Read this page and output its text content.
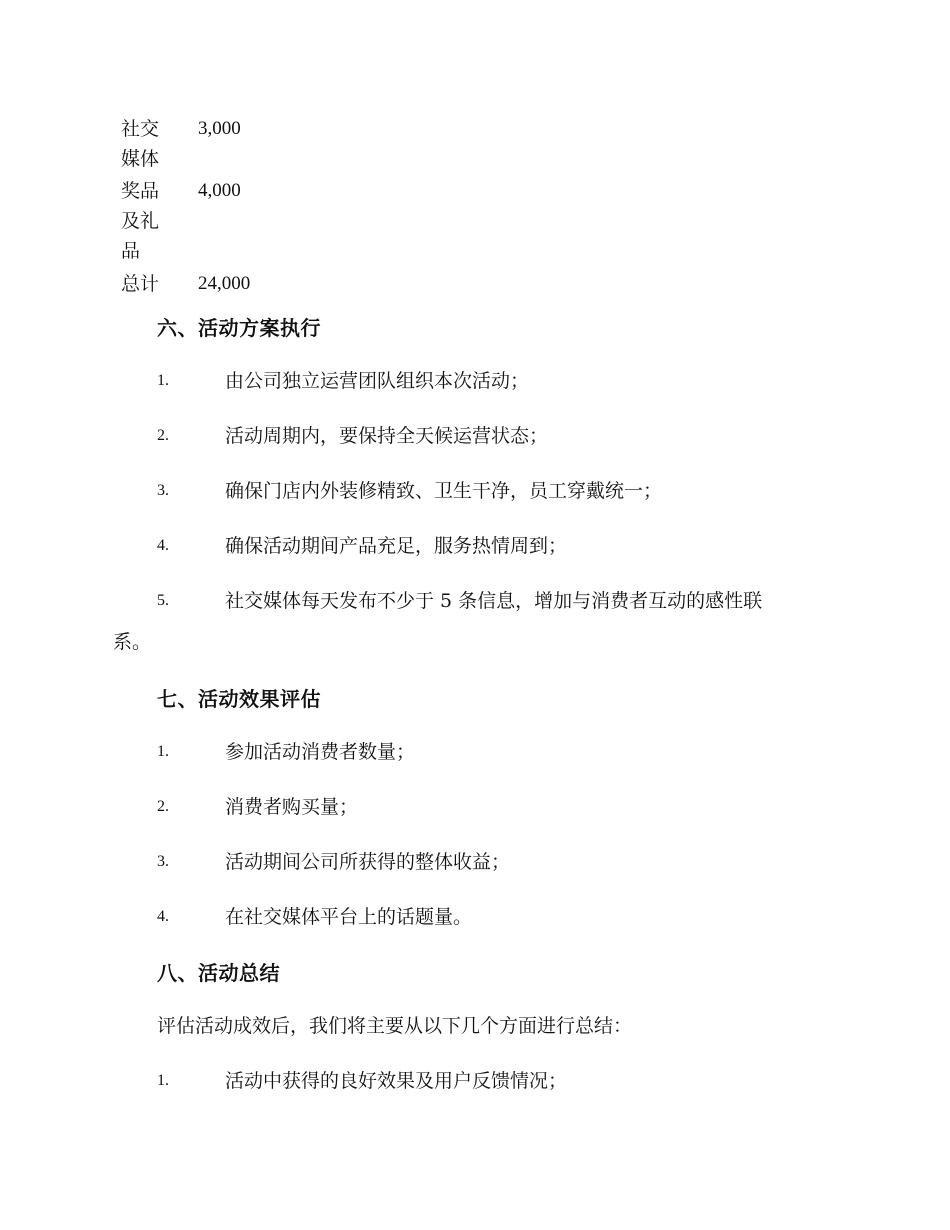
社交媒体	3,000
奖品及礼品	4,000
总计	24,000
六、活动方案执行
1.	由公司独立运营团队组织本次活动；
2.	活动周期内，要保持全天候运营状态；
3.	确保门店内外装修精致、卫生干净，员工穿戴统一；
4.	确保活动期间产品充足，服务热情周到；
5.	社交媒体每天发布不少于 5 条信息，增加与消费者互动的感性联
系。
七、活动效果评估
1.	参加活动消费者数量；
2.	消费者购买量；
3.	活动期间公司所获得的整体收益；
4.	在社交媒体平台上的话题量。
八、活动总结
评估活动成效后，我们将主要从以下几个方面进行总结：
1.	活动中获得的良好效果及用户反馈情况；
